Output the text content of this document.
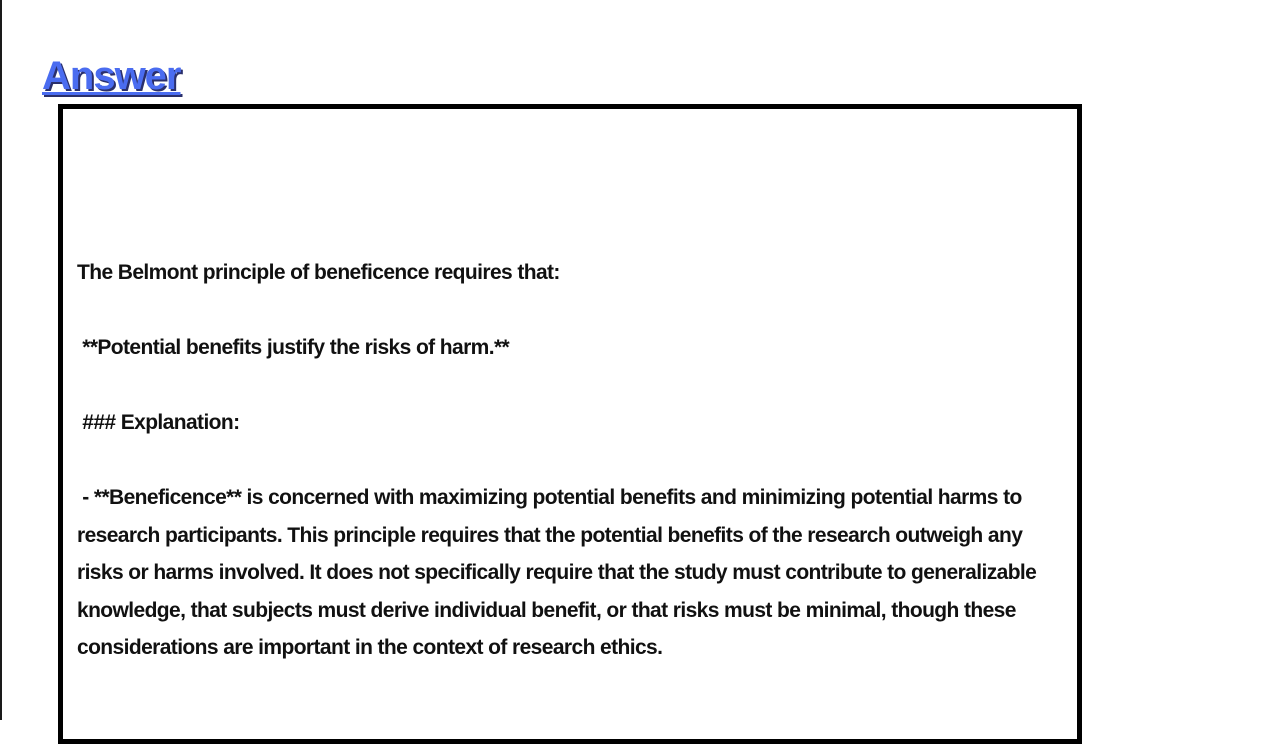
Answer

The Belmont principle of beneficence requires that:

**Potential benefits justify the risks of harm.**

### Explanation:

- **Beneficence** is concerned with maximizing potential benefits and minimizing potential harms to research participants. This principle requires that the potential benefits of the research outweigh any risks or harms involved. It does not specifically require that the study must contribute to generalizable knowledge, that subjects must derive individual benefit, or that risks must be minimal, though these considerations are important in the context of research ethics.
